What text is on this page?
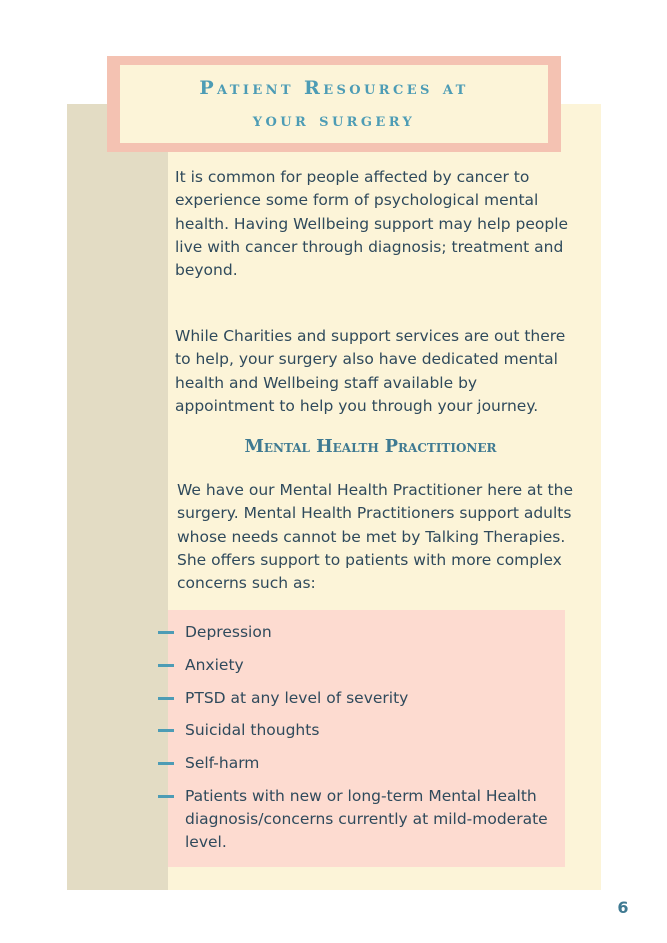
Patient Resources at
your surgery

It is common for people affected by cancer to experience some form of psychological mental health. Having Wellbeing support may help people live with cancer through diagnosis; treatment and beyond.

While Charities and support services are out there to help, your surgery also have dedicated mental health and Wellbeing staff available by appointment to help you through your journey.

Mental Health Practitioner

We have our Mental Health Practitioner here at the surgery. Mental Health Practitioners support adults whose needs cannot be met by Talking Therapies. She offers support to patients with more complex concerns such as:

Depression
Anxiety
PTSD at any level of severity
Suicidal thoughts
Self-harm
Patients with new or long-term Mental Health diagnosis/concerns currently at mild-moderate level.
6
